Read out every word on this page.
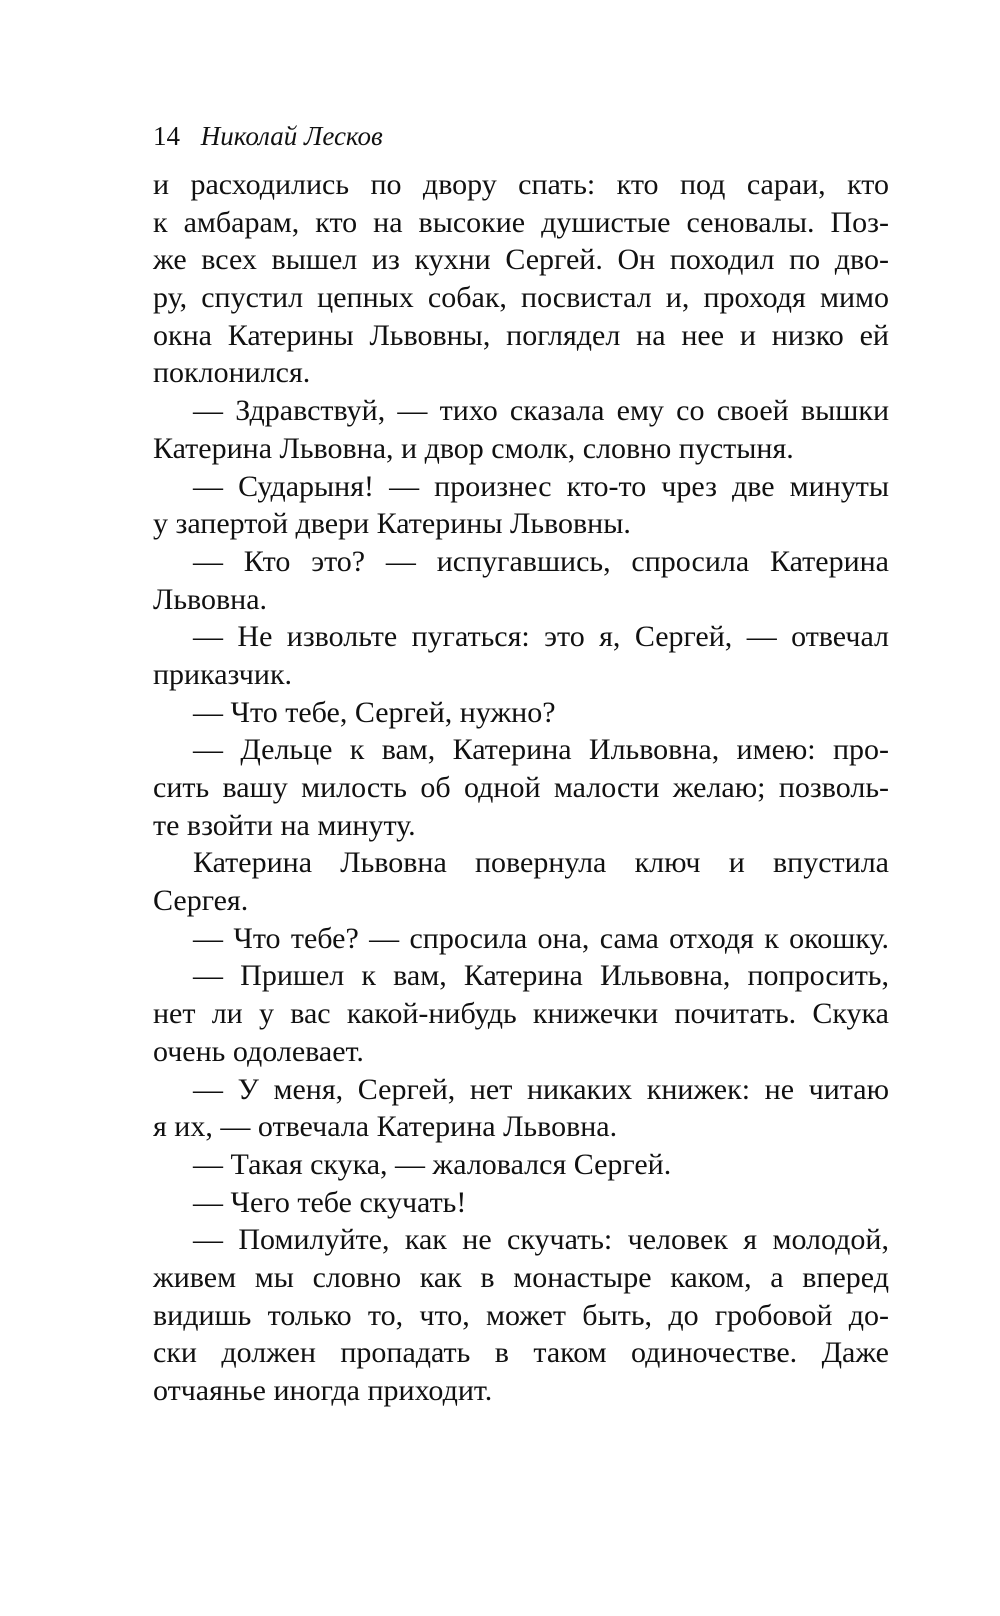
14 Николай Лесков
и расходились по двору спать: кто под сараи, кто
к амбарам, кто на высокие душистые сеновалы. Поз-
же всех вышел из кухни Сергей. Он походил по дво-
ру, спустил цепных собак, посвистал и, проходя мимо
окна Катерины Львовны, поглядел на нее и низко ей
поклонился.
— Здравствуй, — тихо сказала ему со своей вышки
Катерина Львовна, и двор смолк, словно пустыня.
— Сударыня! — произнес кто-то чрез две минуты
у запертой двери Катерины Львовны.
— Кто это? — испугавшись, спросила Катерина
Львовна.
— Не извольте пугаться: это я, Сергей, — отвечал
приказчик.
— Что тебе, Сергей, нужно?
— Дельце к вам, Катерина Ильвовна, имею: про-
сить вашу милость об одной малости желаю; позволь-
те взойти на минуту.
Катерина Львовна повернула ключ и впустила
Сергея.
— Что тебе? — спросила она, сама отходя к окошку.
— Пришел к вам, Катерина Ильвовна, попросить,
нет ли у вас какой-нибудь книжечки почитать. Скука
очень одолевает.
— У меня, Сергей, нет никаких книжек: не читаю
я их, — отвечала Катерина Львовна.
— Такая скука, — жаловался Сергей.
— Чего тебе скучать!
— Помилуйте, как не скучать: человек я молодой,
живем мы словно как в монастыре каком, а вперед
видишь только то, что, может быть, до гробовой до-
ски должен пропадать в таком одиночестве. Даже
отчаянье иногда приходит.
